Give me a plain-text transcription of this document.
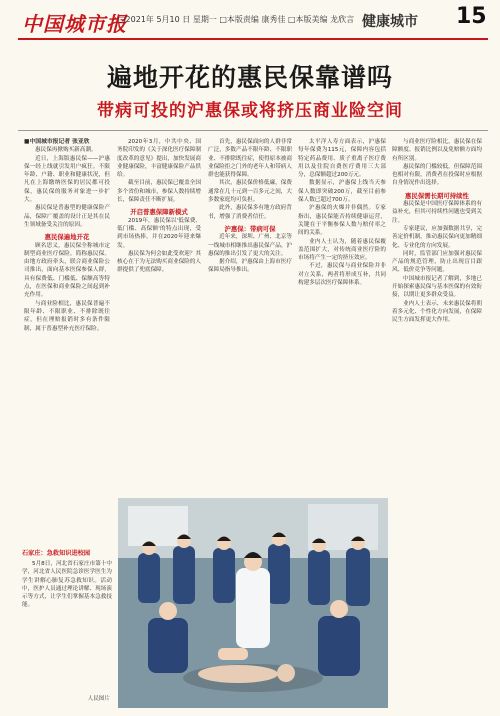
中国城市报
□2021年 5月10 日 星期一 □本版责编 康秀佳 □本版美编 龙欣言 健康城市 15
遍地开花的惠民保靠谱吗
带病可投的沪惠保或将挤压商业险空间

■中国城市报记者 张亚欣

惠民保再掀购买新高潮。

近日，上海版惠民保——沪惠保一经上线就引发用户疯狂。不限年龄、户籍、职业和健康状况，但凡在上海缴纳医保的居民都可投保，惠民保的服务对象进一步扩大。

惠民保是普惠型的健康保险产品，保障广覆盖的设计正是其在民生领域备受关注的原因。

惠民保遍地开花

顾名思义，惠民保全称城市定制型商业医疗保险，简称惠民保。由地方政府牵头，联合商业保险公司推出，面向基本医保参保人群，具有保费低、门槛低、保额高等特点，在医保和商业保险之间起到补充作用。

与商业险相比，惠民保普遍不限年龄、不限职业、不排除既往症，但在理赔报销时多有条件限制，属于普惠型补充医疗保险。

2020年3月，中共中央、国务院印发的《关于深化医疗保障制度改革的意见》提出，加快发展商业健康保险，丰富健康保险产品供给。

截至目前，惠民保已覆盖全国多个省份和城市，参保人数持续增长，保障责任不断扩展。

开启普惠保障新模式

2019年，惠民保以'低保费、低门槛、高保额'的特点出现，受到市场热捧，并在2020年迎来爆发。

惠民保为何会如此受欢迎？其核心在于为无法购买商业保险的人群提供了兜底保障。

首先，惠民保面向的人群非常广泛，多数产品不限年龄、不限职业、不排除既往症，使得原本被商业保险拒之门外的老年人和带病人群也能获得保障。

其次，惠民保价格低廉，保费通常在几十元到一百多元之间，大多数家庭均可负担。

此外，惠民保多有地方政府背书，增强了消费者信任。

沪惠保：带病可保

近年来，深圳、广州、北京等一线城市相继推出惠民保产品。沪惠保的推出引发了更大的关注。

据介绍，沪惠保由上海市医疗保障局指导推出。

太平洋人寿方面表示，沪惠保每年保费为115元，保障内容包括特定药品费用、质子重离子医疗费用以及住院自费医疗费用三大部分，总保额超过200万元。

数据显示，沪惠保上线当天参保人数即突破200万，截至目前参保人数已超过700万。

沪惠保的火爆并非偶然。专家指出，惠民保能否持续健康运营，关键在于平衡参保人数与赔付率之间的关系。

业内人士认为，随着惠民保覆盖范围扩大，对传统商业医疗险的市场将产生一定的挤压效应。

不过，惠民保与商业保险并非对立关系，两者将形成互补，共同构建多层次医疗保障体系。

与商业医疗险相比，惠民保在保障额度、报销比例以及免赔额方面均有所区别。

惠民保的门槛较低，但保障范围也相对有限，消费者在投保时应根据自身情况作出选择。

惠民保需长期可持续性

惠民保是中国医疗保障体系的有益补充，但其可持续性问题也受到关注。

专家建议，应加强数据共享，完善定价机制，推动惠民保向更加精细化、专业化的方向发展。

同时，监管部门应加强对惠民保产品的规范管理，防止出现盲目跟风、低价竞争等问题。

中国城市报记者了解到，多地已开始探索惠民保与基本医保的有效衔接，以期让更多群众受益。

业内人士表示，未来惠民保将朝着多元化、个性化方向发展，在保障民生方面发挥更大作用。

石家庄：急救知识进校园
5月8日，河北省石家庄市第十中学，河北省人民医院急诊医学医生为学生讲解心肺复苏急救知识。活动中，医护人员通过理论讲解、现场演示等方式，让学生们掌握基本急救技能。
人民图片
